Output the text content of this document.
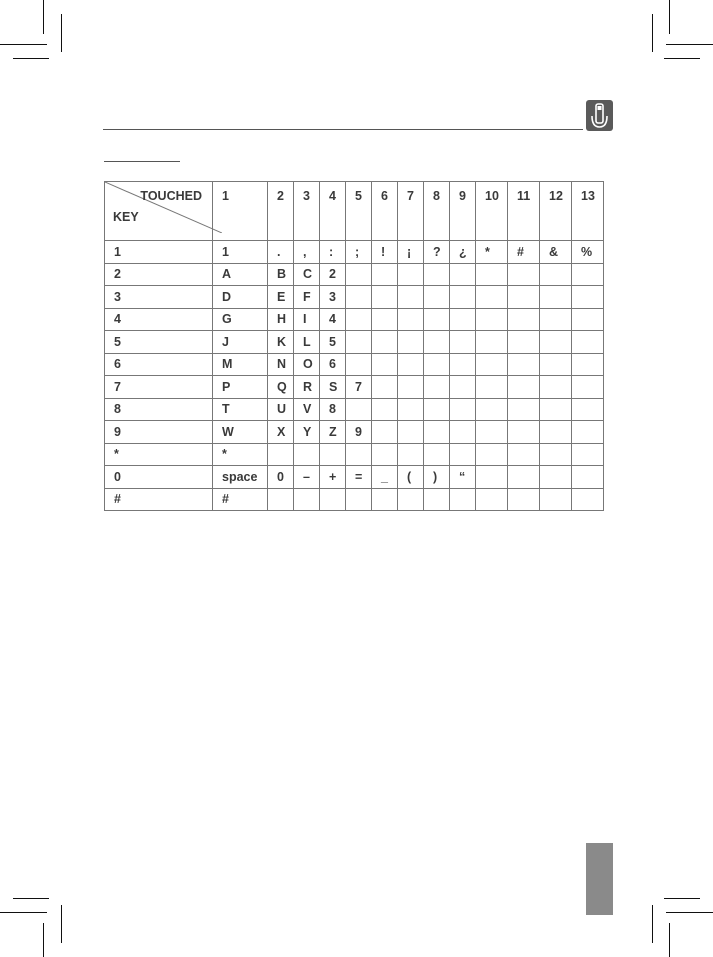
TOUCHED
KEY	1	2	3	4	5	6	7	8	9	10	11	12	13
1	1	.	,	:	;	!	¡	?	¿	*	#	&	%
2	A	B	C	2									
3	D	E	F	3									
4	G	H	I	4									
5	J	K	L	5									
6	M	N	O	6									
7	P	Q	R	S	7								
8	T	U	V	8									
9	W	X	Y	Z	9								
*	*												
0	space	0	–	+	=	_	(	)	“				
#	#												
